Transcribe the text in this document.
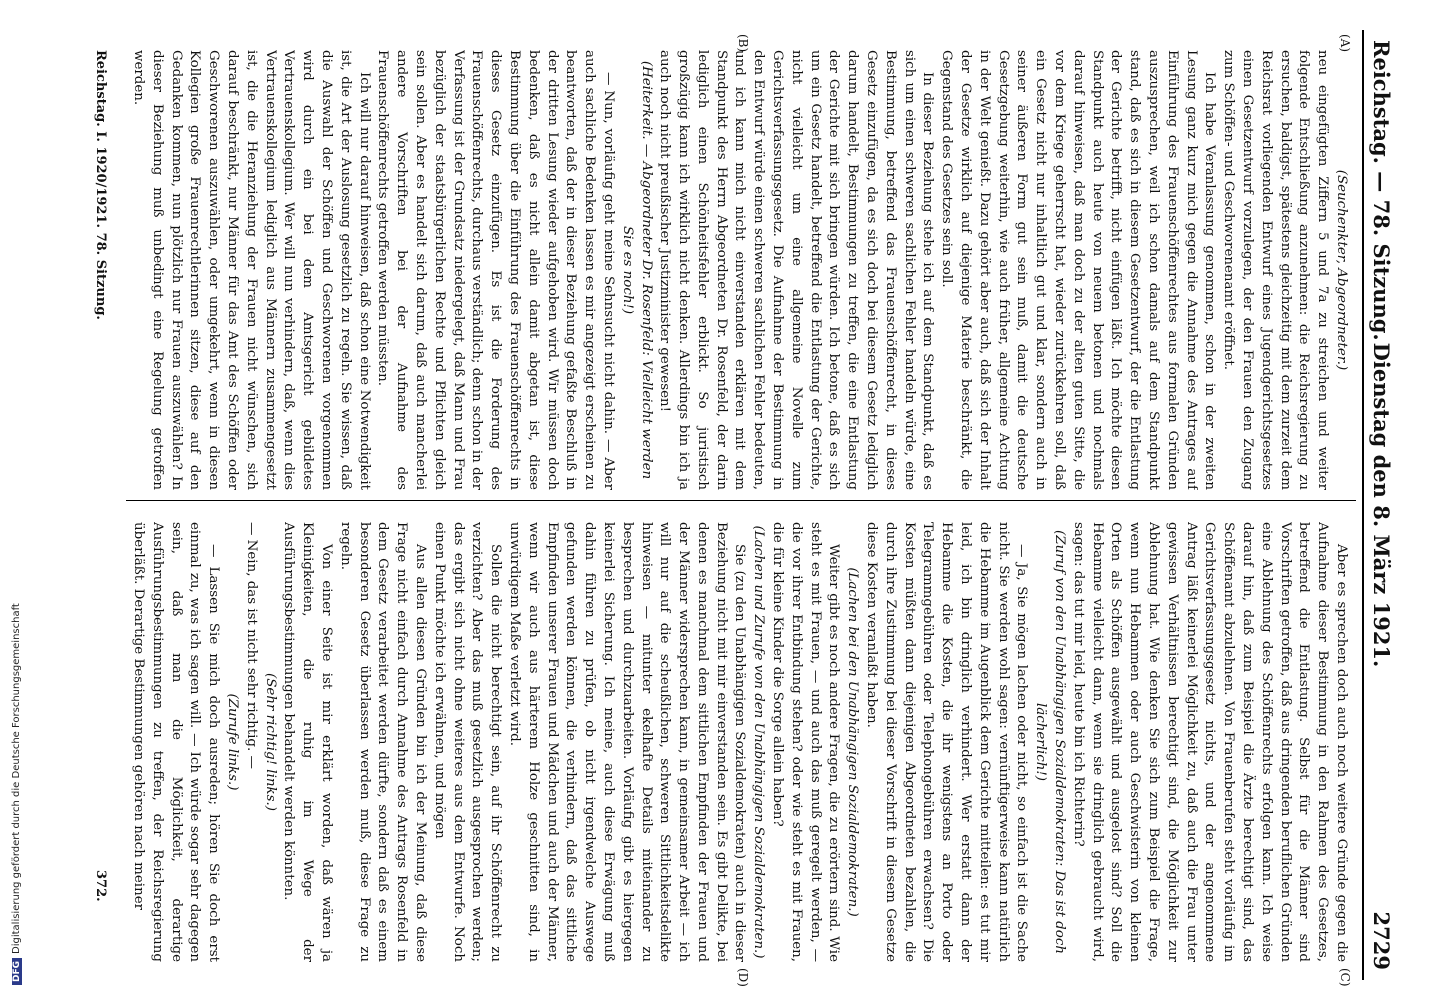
DFGDigitalisierung gefördert durch die Deutsche Forschungsgemeinschaft
Reichstag. — 78. Sitzung.
Dienstag den 8. März 1921.
2729
(A)
(B)
(C)
(D)

(Seuchenkter, Abgeordneter.)

neu eingefügten Ziffern 5 und 7a zu streichen und weiter folgende Entschließung anzunehmen: die Reichsregierung zu ersuchen, baldigst, spätestens gleichzeitig mit dem zurzeit dem Reichsrat vorliegenden Entwurf eines Jugendgerichtsgesetzes einen Gesetzentwurf vorzulegen, der den Frauen den Zugang zum Schöffen- und Geschworenenamt eröffnet.

Ich habe Veranlassung genommen, schon in der zweiten Lesung ganz kurz mich gegen die Annahme des Antrages auf Einführung des Frauenschöffenrechtes aus formalen Gründen auszusprechen, weil ich schon damals auf dem Standpunkt stand, daß es sich in diesem Gesetzentwurf, der die Entlastung der Gerichte betrifft, nicht einfügen läßt. Ich möchte diesen Standpunkt auch heute von neuem betonen und nochmals darauf hinweisen, daß man doch zu der alten guten Sitte, die vor dem Kriege geherrscht hat, wieder zurückkehren soll, daß ein Gesetz nicht nur inhaltlich gut und klar, sondern auch in seiner äußeren Form gut sein muß, damit die deutsche Gesetzgebung weiterhin, wie auch früher, allgemeine Achtung in der Welt genießt. Dazu gehört aber auch, daß sich der Inhalt der Gesetze wirklich auf diejenige Materie beschränkt, die Gegenstand des Gesetzes sein soll.

In dieser Beziehung stehe ich auf dem Standpunkt, daß es sich um einen schweren sachlichen Fehler handeln würde, eine Bestimmung, betreffend das Frauenschöffenrecht, in dieses Gesetz einzufügen, da es sich doch bei diesem Gesetz lediglich darum handelt, Bestimmungen zu treffen, die eine Entlastung der Gerichte mit sich bringen würden. Ich betone, daß es sich um ein Gesetz handelt, betreffend die Entlastung der Gerichte, nicht vielleicht um eine allgemeine Novelle zum Gerichtsverfassungsgesetz. Die Aufnahme der Bestimmung in den Entwurf würde einen schweren sachlichen Fehler bedeuten, und ich kann mich nicht einverstanden erklären mit dem Standpunkt des Herrn Abgeordneten Dr. Rosenfeld, der darin lediglich einen Schönheitsfehler erblickt. So juristisch großzügig kann ich wirklich nicht denken. Allerdings bin ich ja auch noch nicht preußischer Justizminister gewesen!

(Heiterkeit. — Abgeordneter Dr. Rosenfeld: Vielleicht werden Sie es noch!)

— Nun, vorläufig geht meine Sehnsucht nicht dahin. — Aber auch sachliche Bedenken lassen es mir angezeigt erscheinen zu beantworten, daß der in dieser Beziehung gefaßte Beschluß in der dritten Lesung wieder aufgehoben wird. Wir müssen doch bedenken, daß es nicht allein damit abgetan ist, diese Bestimmung über die Einführung des Frauenschöffenrechts in dieses Gesetz einzufügen. Es ist die Forderung des Frauenschöffenrechts, durchaus verständlich; denn schon in der Verfassung ist der Grundsatz niedergelegt, daß Mann und Frau bezüglich der staatsbürgerlichen Rechte und Pflichten gleich sein sollen. Aber es handelt sich darum, daß auch mancherlei andere Vorschriften bei der Aufnahme des Frauenschöffenrechts getroffen werden müssten.

Ich will nur darauf hinweisen, daß schon eine Notwendigkeit ist, die Art der Auslosung gesetzlich zu regeln. Sie wissen, daß die Auswahl der Schöffen und Geschworenen vorgenommen wird durch ein bei dem Amtsgericht gebildetes Vertrauenskollegium. Wer will nun verhindern, daß, wenn dies Vertrauenskollegium lediglich aus Männern zusammengesetzt ist, die die Heranziehung der Frauen nicht wünschen, sich darauf beschränkt, nur Männer für das Amt des Schöffen oder Geschworenen auszuwählen, oder umgekehrt, wenn in diesen Kollegien große Frauenrechtlerinnen sitzen, diese auf den Gedanken kommen, nun plötzlich nur Frauen auszuwählen? In dieser Beziehung muß unbedingt eine Regelung getroffen werden.

Aber es sprechen doch auch noch weitere Gründe gegen die Aufnahme dieser Bestimmung in den Rahmen des Gesetzes, betreffend die Entlastung. Selbst für die Männer sind Vorschriften getroffen, daß aus dringenden beruflichen Gründen eine Ablehnung des Schöffenrechts erfolgen kann. Ich weise darauf hin, daß zum Beispiel die Ärzte berechtigt sind, das Schöffenamt abzulehnen. Von Frauenberufen steht vorläufig im Gerichtsverfassungsgesetz nichts, und der angenommene Antrag läßt keinerlei Möglichkeit zu, daß auch die Frau unter gewissen Verhältnissen berechtigt sind, die Möglichkeit zur Ablehnung hat. Wie denken Sie sich zum Beispiel die Frage, wenn nun Hebammen oder auch Geschwisterin von kleinen Orten als Schöffen ausgewählt und ausgelost sind? Soll die Hebamme vielleicht dann, wenn sie dringlich gebraucht wird, sagen: das tut mir leid, heute bin ich Richterin?

(Zuruf von den Unabhängigen Sozialdemokraten: Das ist doch lächerlich!)

— Ja, Sie mögen lachen oder nicht, so einfach ist die Sache nicht. Sie werden wohl sagen: vernünftigerweise kann natürlich die Hebamme im Augenblick dem Gerichte mitteilen: es tut mir leid, ich bin dringlich verhindert. Wer erstatt dann der Hebamme die Kosten, die ihr wenigstens an Porto oder Telegrammgebühren oder Telephongebühren erwachsen? Die Kosten müßten dann diejenigen Abgeordneten bezahlen, die durch ihre Zustimmung bei dieser Vorschrift in diesem Gesetze diese Kosten veranlaßt haben.

(Lachen bei den Unabhängigen Sozialdemokraten.)

Weiter gibt es noch andere Fragen, die zu erörtern sind. Wie steht es mit Frauen, — und auch das muß geregelt werden, — die vor ihrer Entbindung stehen? oder wie steht es mit Frauen, die für kleine Kinder die Sorge allein haben?

(Lachen und Zurufe von den Unabhängigen Sozialdemokraten.)

Sie (zu den Unabhängigen Sozialdemokraten) auch in dieser Beziehung nicht mit mir einverstanden sein. Es gibt Delikte, bei denen es manchmal dem sittlichen Empfinden der Frauen und der Männer widersprechen kann, in gemeinsamer Arbeit — ich will nur auf die scheußlichen, schweren Sittlichkeitsdelikte hinweisen — mitunter ekelhafte Details miteinander zu besprechen und durchzuarbeiten. Vorläufig gibt es hiergegen keinerlei Sicherung. Ich meine, auch diese Erwägung muß dahin führen zu prüfen, ob nicht irgendwelche Auswege gefunden werden können, die verhindern, daß das sittliche Empfinden unserer Frauen und Mädchen und auch der Männer, wenn wir auch aus härterem Holze geschnitten sind, in unwürdigem Maße verletzt wird.

Sollen die nicht berechtigt sein, auf ihr Schöffenrecht zu verzichten? Aber das muß gesetzlich ausgesprochen werden; das ergibt sich nicht ohne weiteres aus dem Entwurfe. Noch einen Punkt möchte ich erwähnen, und mögen

Aus allen diesen Gründen bin ich der Meinung, daß diese Frage nicht einfach durch Annahme des Antrags Rosenfeld in dem Gesetz verarbeitet werden dürfte, sondern daß es einem besonderen Gesetz überlassen werden muß, diese Frage zu regeln.

Von einer Seite ist mir erklärt worden, daß wären ja Kleinigkeiten, die ruhig im Wege der Ausführungsbestimmungen behandelt werden könnten.

(Sehr richtig! links.)

— Nein, das ist nicht sehr richtig. —

(Zurufe links.)

— Lassen Sie mich doch ausreden; hören Sie doch erst einmal zu, was ich sagen will. — Ich würde sogar sehr dagegen sein, daß man die Möglichkeit, derartige Ausführungsbestimmungen zu treffen, der Reichsregierung überläßt. Derartige Bestimmungen gehören nach meiner

Reichstag. I. 1920/1921. 78. Sitzung.
372.
